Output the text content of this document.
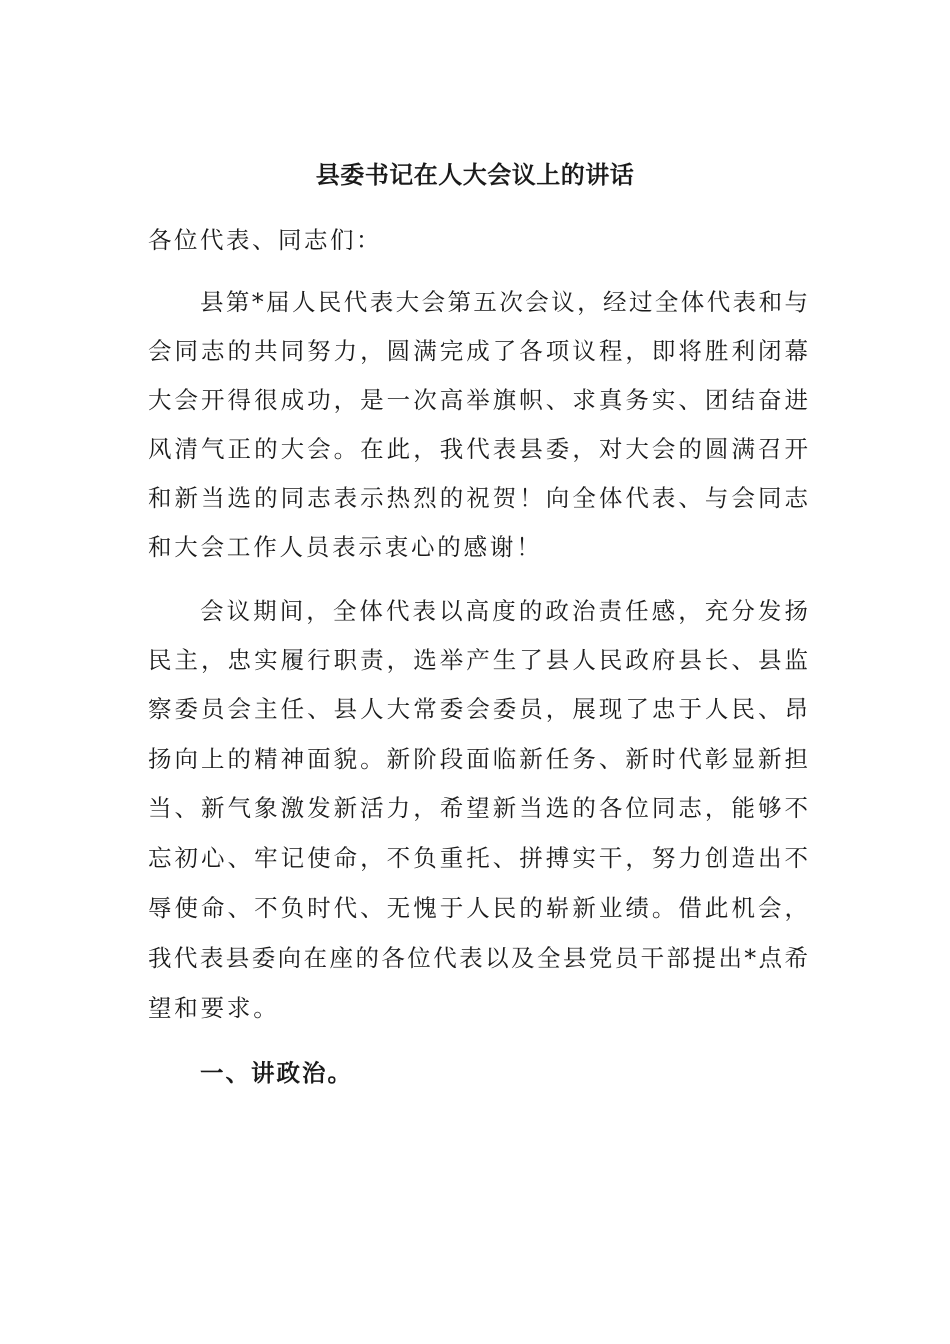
县委书记在人大会议上的讲话
各位代表、同志们：
县第*届人民代表大会第五次会议，经过全体代表和与
会同志的共同努力，圆满完成了各项议程，即将胜利闭幕
大会开得很成功，是一次高举旗帜、求真务实、团结奋进
风清气正的大会。在此，我代表县委，对大会的圆满召开
和新当选的同志表示热烈的祝贺！向全体代表、与会同志
和大会工作人员表示衷心的感谢！
会议期间，全体代表以高度的政治责任感，充分发扬
民主，忠实履行职责，选举产生了县人民政府县长、县监
察委员会主任、县人大常委会委员，展现了忠于人民、昂
扬向上的精神面貌。新阶段面临新任务、新时代彰显新担
当、新气象激发新活力，希望新当选的各位同志，能够不
忘初心、牢记使命，不负重托、拼搏实干，努力创造出不
辱使命、不负时代、无愧于人民的崭新业绩。借此机会，
我代表县委向在座的各位代表以及全县党员干部提出*点希
望和要求。
一、讲政治。
